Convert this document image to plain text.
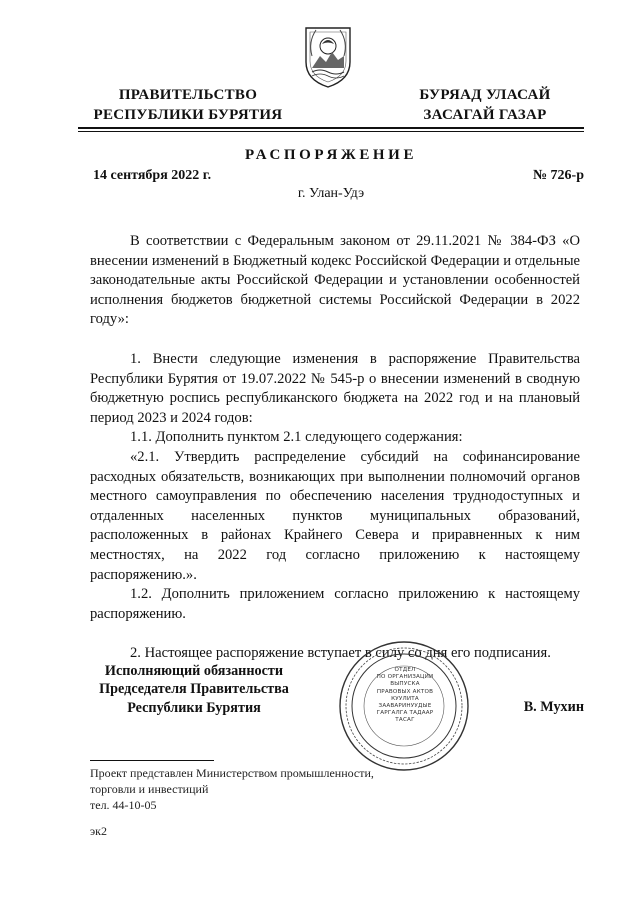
ПРАВИТЕЛЬСТВО
РЕСПУБЛИКИ БУРЯТИЯ
БУРЯАД УЛАСАЙ
ЗАСАГАЙ ГАЗАР
РАСПОРЯЖЕНИЕ
14 сентября 2022 г.	№ 726-р
г. Улан-Удэ

В соответствии с Федеральным законом от 29.11.2021 № 384-ФЗ «О внесении изменений в Бюджетный кодекс Российской Федерации и отдельные законодательные акты Российской Федерации и установлении особенностей исполнения бюджетов бюджетной системы Российской Федерации в 2022 году»:

1. Внести следующие изменения в распоряжение Правительства Республики Бурятия от 19.07.2022 № 545-р о внесении изменений в сводную бюджетную роспись республиканского бюджета на 2022 год и на плановый период 2023 и 2024 годов:

1.1. Дополнить пунктом 2.1 следующего содержания:

«2.1. Утвердить распределение субсидий на софинансирование расходных обязательств, возникающих при выполнении полномочий органов местного самоуправления по обеспечению населения труднодоступных и отдаленных населенных пунктов муниципальных образований, расположенных в районах Крайнего Севера и приравненных к ним местностях, на 2022 год согласно приложению к настоящему распоряжению.».

1.2. Дополнить приложением согласно приложению к настоящему распоряжению.

2. Настоящее распоряжение вступает в силу со дня его подписания.

ОТДЕЛ
ПО ОРГАНИЗАЦИИ
ВЫПУСКА
ПРАВОВЫХ АКТОВ
КУУЛИТА
ЗААВАРИНУУДЫЕ
ГАРГАЛГА ТАДААР
ТАСАГ
Исполняющий обязанности
Председателя Правительства
Республики Бурятия	В. Мухин
Проект представлен Министерством промышленности,
торговли и инвестиций
тел. 44-10-05
эк2
